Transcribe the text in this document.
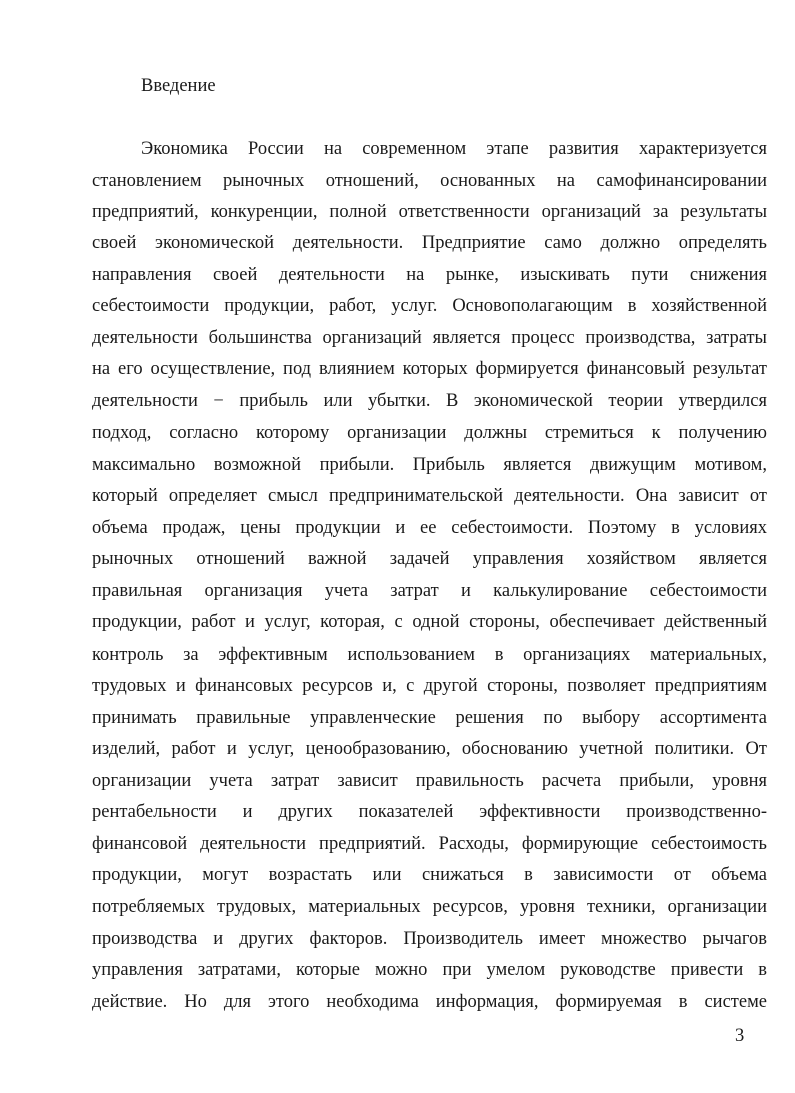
Введение
Экономика России на современном этапе развития характеризуется
становлением рыночных отношений, основанных на самофинансировании
предприятий, конкуренции, полной ответственности организаций за результаты
своей экономической деятельности. Предприятие само должно определять
направления своей деятельности на рынке, изыскивать пути снижения
себестоимости продукции, работ, услуг. Основополагающим в хозяйственной
деятельности большинства организаций является процесс производства, затраты
на его осуществление, под влиянием которых формируется финансовый результат
деятельности − прибыль или убытки. В экономической теории утвердился
подход, согласно которому организации должны стремиться к получению
максимально возможной прибыли. Прибыль является движущим мотивом,
который определяет смысл предпринимательской деятельности. Она зависит от
объема продаж, цены продукции и ее себестоимости. Поэтому в условиях
рыночных отношений важной задачей управления хозяйством является
правильная организация учета затрат и калькулирование себестоимости
продукции, работ и услуг, которая, с одной стороны, обеспечивает действенный
контроль за эффективным использованием в организациях материальных,
трудовых и финансовых ресурсов и, с другой стороны, позволяет предприятиям
принимать правильные управленческие решения по выбору ассортимента
изделий, работ и услуг, ценообразованию, обоснованию учетной политики. От
организации учета затрат зависит правильность расчета прибыли, уровня
рентабельности и других показателей эффективности производственно-
финансовой деятельности предприятий. Расходы, формирующие себестоимость
продукции, могут возрастать или снижаться в зависимости от объема
потребляемых трудовых, материальных ресурсов, уровня техники, организации
производства и других факторов. Производитель имеет множество рычагов
управления затратами, которые можно при умелом руководстве привести в
действие. Но для этого необходима информация, формируемая в системе
3
